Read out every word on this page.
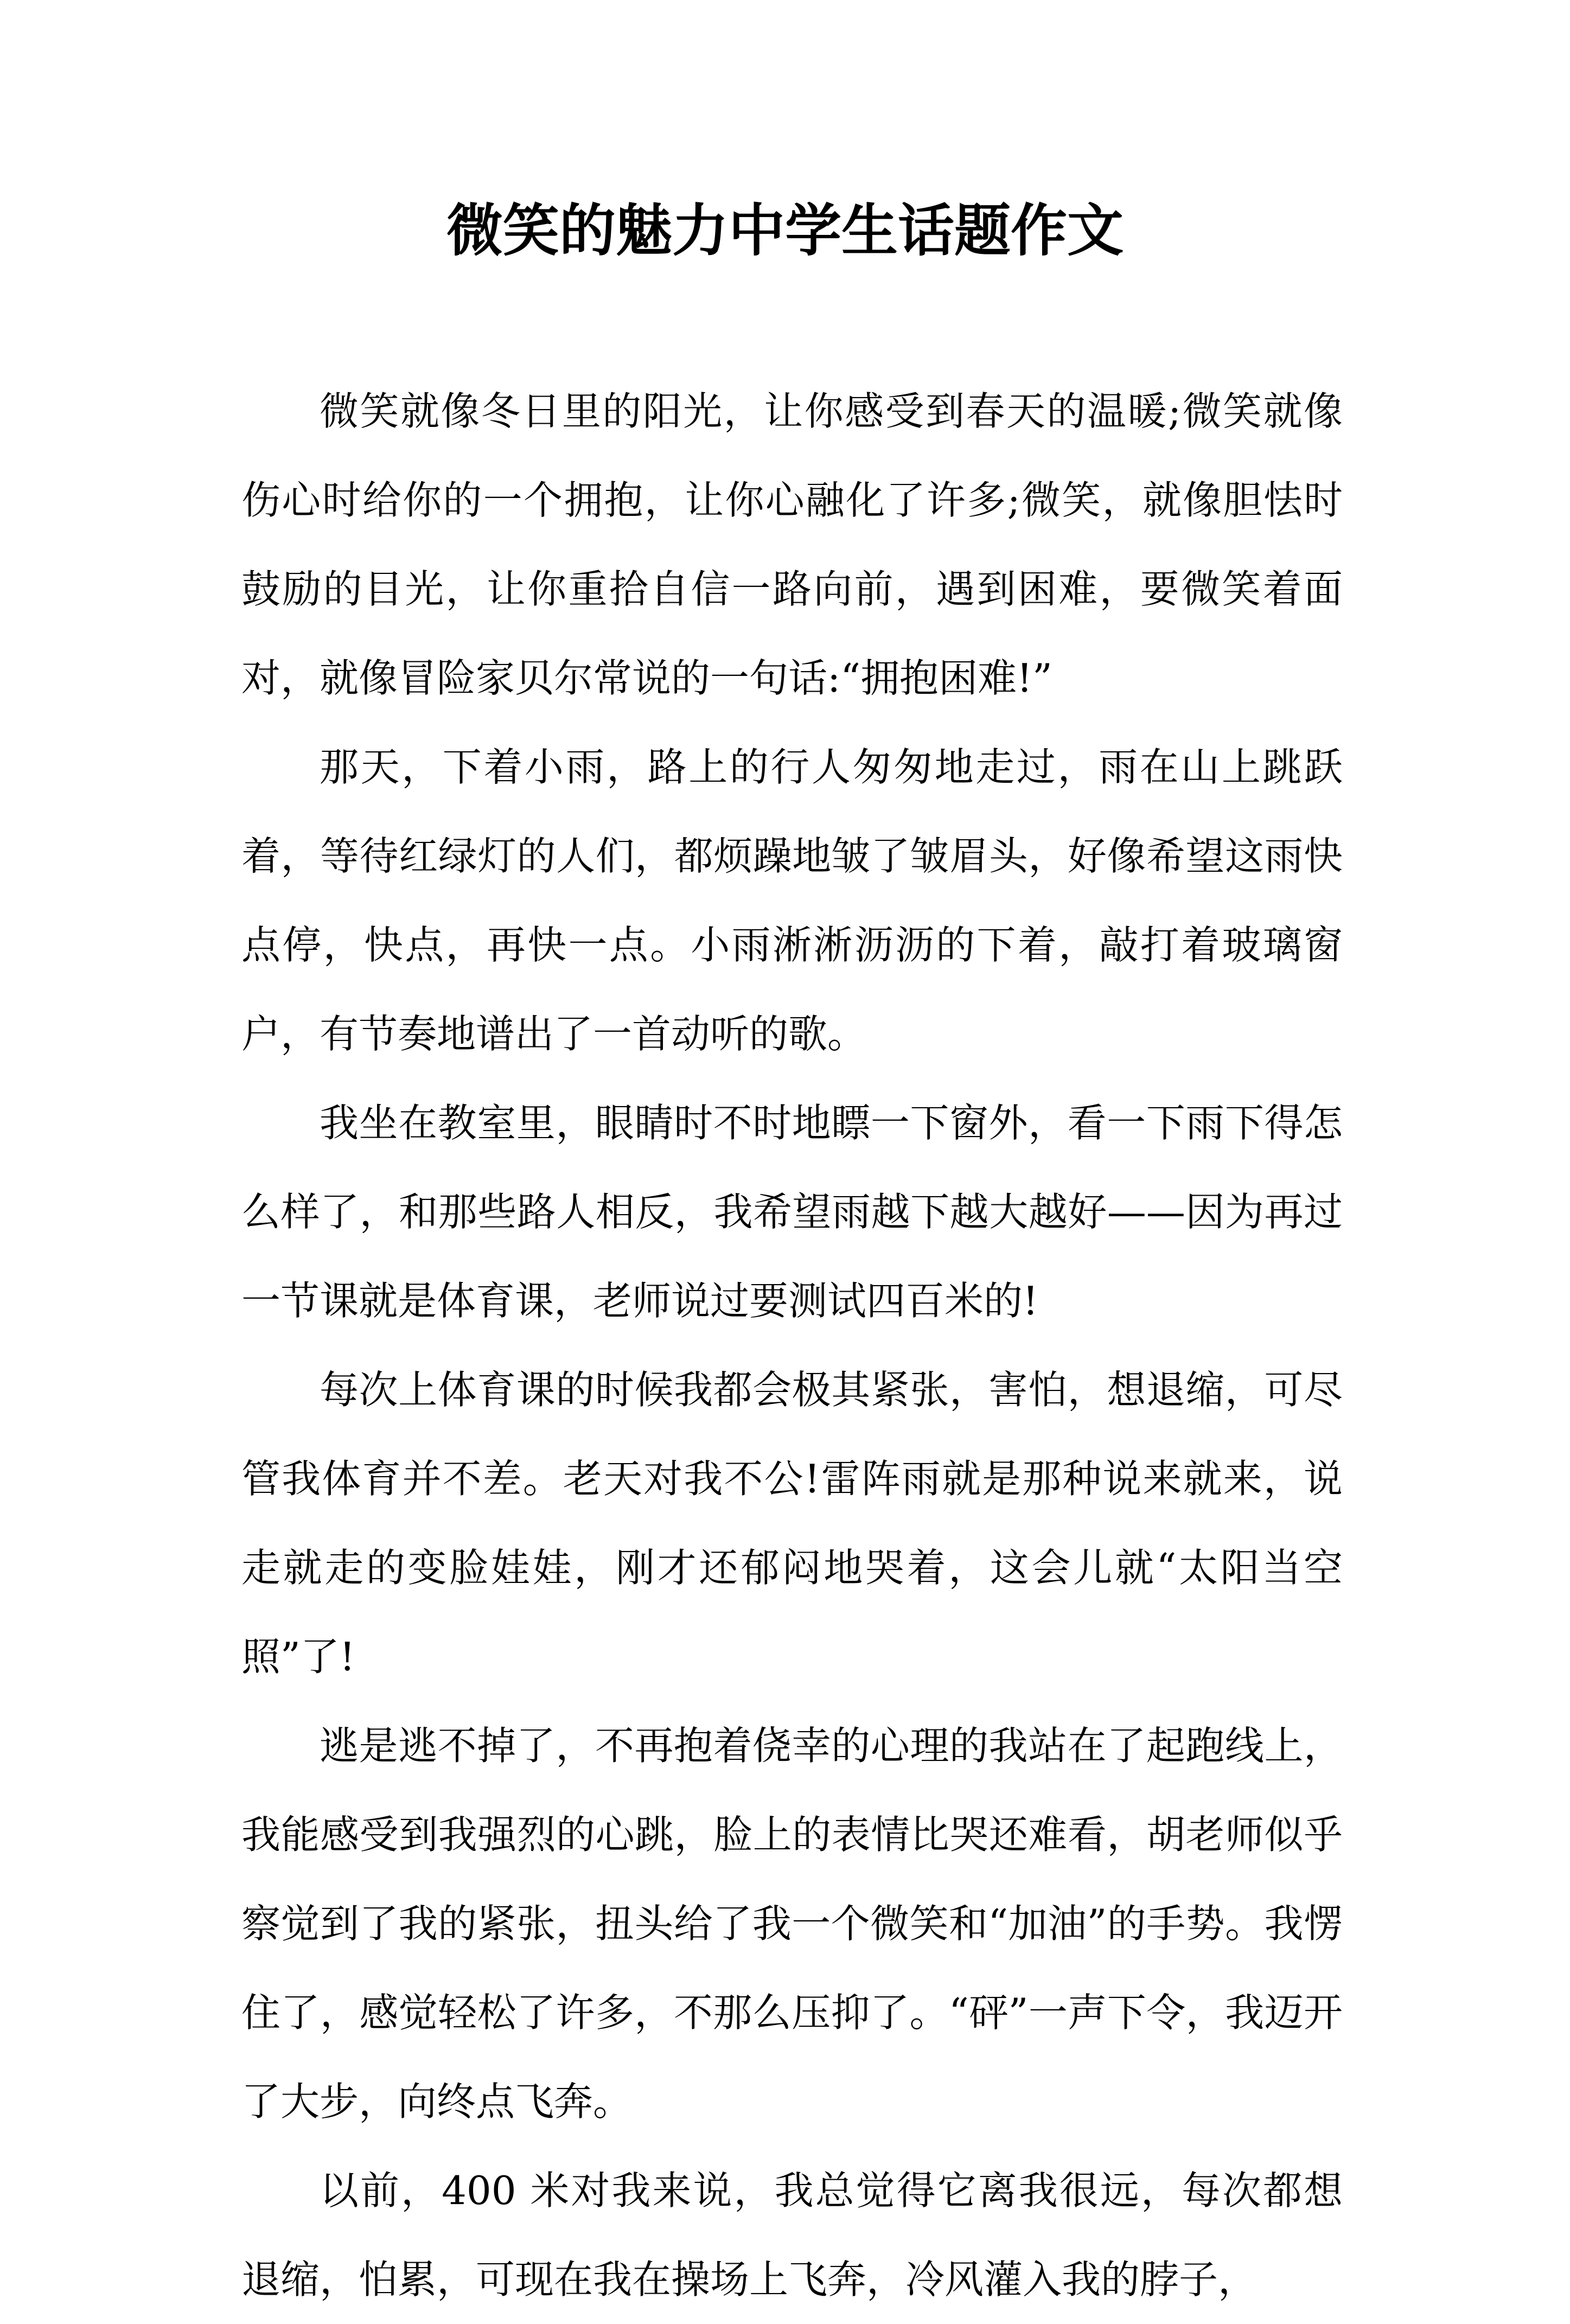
微笑的魅力中学生话题作文

微笑就像冬日里的阳光，让你感受到春天的温暖;微笑就像伤心时给你的一个拥抱，让你心融化了许多;微笑，就像胆怯时鼓励的目光，让你重拾自信一路向前，遇到困难，要微笑着面对，就像冒险家贝尔常说的一句话:“拥抱困难!”

那天，下着小雨，路上的行人匆匆地走过，雨在山上跳跃着，等待红绿灯的人们，都烦躁地皱了皱眉头，好像希望这雨快点停，快点，再快一点。小雨淅淅沥沥的下着，敲打着玻璃窗户，有节奏地谱出了一首动听的歌。

我坐在教室里，眼睛时不时地瞟一下窗外，看一下雨下得怎么样了，和那些路人相反，我希望雨越下越大越好——因为再过一节课就是体育课，老师说过要测试四百米的!

每次上体育课的时候我都会极其紧张，害怕，想退缩，可尽管我体育并不差。老天对我不公!雷阵雨就是那种说来就来，说走就走的变脸娃娃，刚才还郁闷地哭着，这会儿就“太阳当空照”了!

逃是逃不掉了，不再抱着侥幸的心理的我站在了起跑线上，我能感受到我强烈的心跳，脸上的表情比哭还难看，胡老师似乎察觉到了我的紧张，扭头给了我一个微笑和“加油”的手势。我愣住了，感觉轻松了许多，不那么压抑了。“砰”一声下令，我迈开了大步，向终点飞奔。

以前，400 米对我来说，我总觉得它离我很远，每次都想退缩，怕累，可现在我在操场上飞奔，冷风灌入我的脖子，
